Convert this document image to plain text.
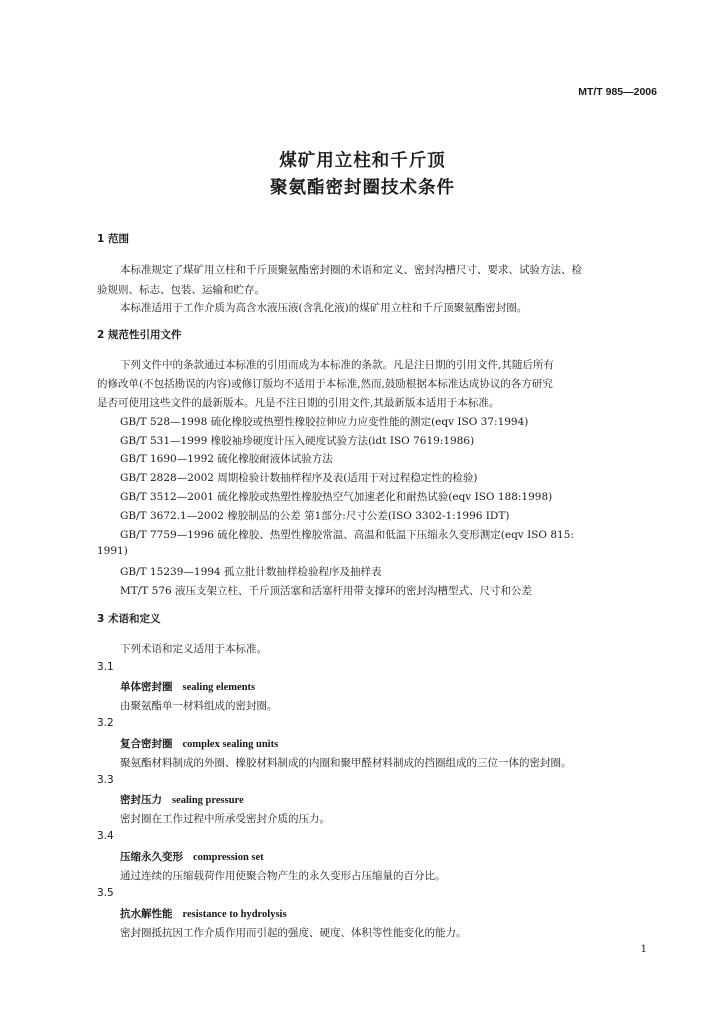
MT/T 985—2006
煤矿用立柱和千斤顶
聚氨酯密封圈技术条件
1 范围
本标准规定了煤矿用立柱和千斤顶聚氨酯密封圈的术语和定义、密封沟槽尺寸、要求、试验方法、检
验规则、标志、包装、运输和贮存。
本标准适用于工作介质为高含水液压液(含乳化液)的煤矿用立柱和千斤顶聚氨酯密封圈。
2 规范性引用文件
下列文件中的条款通过本标准的引用而成为本标准的条款。凡是注日期的引用文件,其随后所有
的修改单(不包括勘误的内容)或修订版均不适用于本标准,然而,鼓励根据本标准达成协议的各方研究
是否可使用这些文件的最新版本。凡是不注日期的引用文件,其最新版本适用于本标准。
GB/T 528—1998 硫化橡胶或热塑性橡胶拉伸应力应变性能的测定(eqv ISO 37:1994)
GB/T 531—1999 橡胶袖珍硬度计压入硬度试验方法(idt ISO 7619:1986)
GB/T 1690—1992 硫化橡胶耐液体试验方法
GB/T 2828—2002 周期检验计数抽样程序及表(适用于对过程稳定性的检验)
GB/T 3512—2001 硫化橡胶或热塑性橡胶热空气加速老化和耐热试验(eqv ISO 188:1998)
GB/T 3672.1—2002 橡胶制品的公差 第1部分:尺寸公差(ISO 3302-1:1996 IDT)
GB/T 7759—1996 硫化橡胶、热塑性橡胶常温、高温和低温下压缩永久变形测定(eqv ISO 815:
1991)
GB/T 15239—1994 孤立批计数抽样检验程序及抽样表
MT/T 576 液压支架立柱、千斤顶活塞和活塞杆用带支撑环的密封沟槽型式、尺寸和公差
3 术语和定义
下列术语和定义适用于本标准。
3.1
单体密封圈 sealing elements
由聚氨酯单一材料组成的密封圈。
3.2
复合密封圈 complex sealing units
聚氨酯材料制成的外圈、橡胶材料制成的内圈和聚甲醛材料制成的挡圈组成的三位一体的密封圈。
3.3
密封压力 sealing pressure
密封圈在工作过程中所承受密封介质的压力。
3.4
压缩永久变形 compression set
通过连续的压缩载荷作用使聚合物产生的永久变形占压缩量的百分比。
3.5
抗水解性能 resistance to hydrolysis
密封圈抵抗因工作介质作用而引起的强度、硬度、体积等性能变化的能力。
1
